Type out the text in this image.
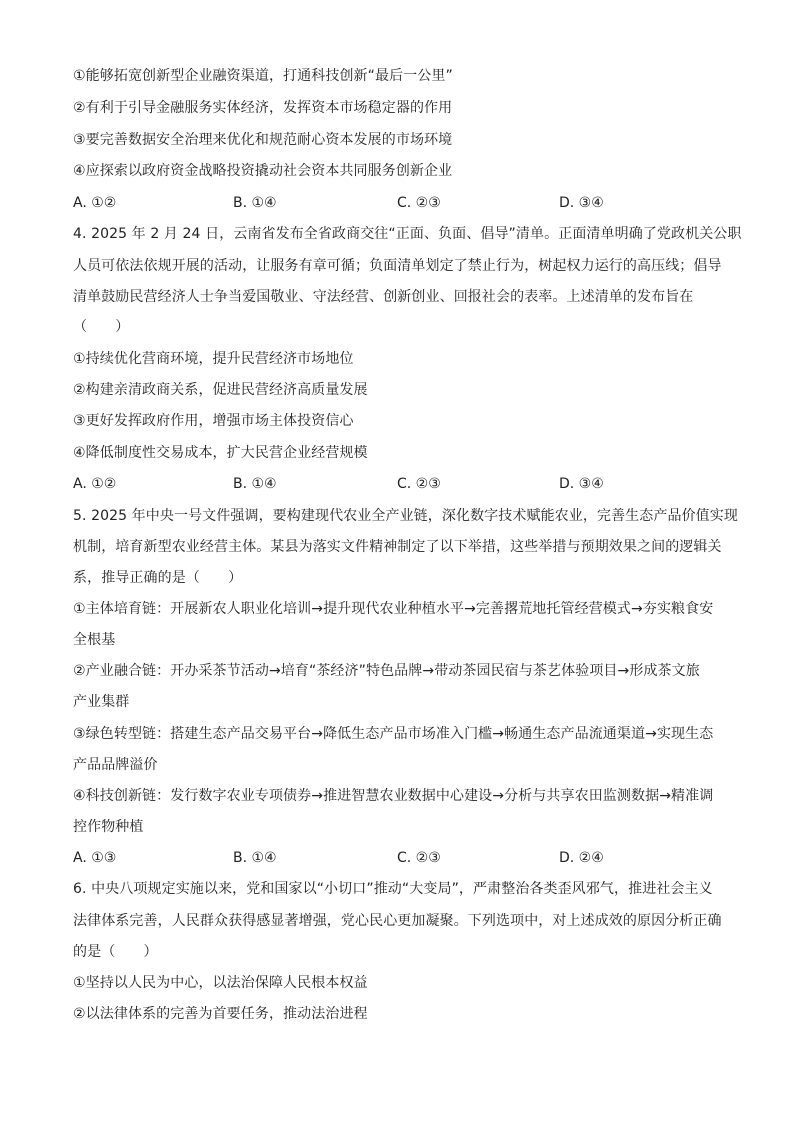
①能够拓宽创新型企业融资渠道，打通科技创新“最后一公里”
②有利于引导金融服务实体经济，发挥资本市场稳定器的作用
③要完善数据安全治理来优化和规范耐心资本发展的市场环境
④应探索以政府资金战略投资撬动社会资本共同服务创新企业
A. ①②	B. ①④	C. ②③	D. ③④
4. 2025 年 2 月 24 日，云南省发布全省政商交往“正面、负面、倡导”清单。正面清单明确了党政机关公职
人员可依法依规开展的活动，让服务有章可循；负面清单划定了禁止行为，树起权力运行的高压线；倡导
清单鼓励民营经济人士争当爱国敬业、守法经营、创新创业、回报社会的表率。上述清单的发布旨在
（　　）
①持续优化营商环境，提升民营经济市场地位
②构建亲清政商关系，促进民营经济高质量发展
③更好发挥政府作用，增强市场主体投资信心
④降低制度性交易成本，扩大民营企业经营规模
A. ①②	B. ①④	C. ②③	D. ③④
5. 2025 年中央一号文件强调，要构建现代农业全产业链，深化数字技术赋能农业，完善生态产品价值实现
机制，培育新型农业经营主体。某县为落实文件精神制定了以下举措，这些举措与预期效果之间的逻辑关
系，推导正确的是（　　）
①主体培育链：开展新农人职业化培训→提升现代农业种植水平→完善撂荒地托管经营模式→夯实粮食安
全根基
②产业融合链：开办采茶节活动→培育“茶经济”特色品牌→带动茶园民宿与茶艺体验项目→形成茶文旅
产业集群
③绿色转型链：搭建生态产品交易平台→降低生态产品市场准入门槛→畅通生态产品流通渠道→实现生态
产品品牌溢价
④科技创新链：发行数字农业专项债券→推进智慧农业数据中心建设→分析与共享农田监测数据→精准调
控作物种植
A. ①③	B. ①④	C. ②③	D. ②④
6. 中央八项规定实施以来，党和国家以“小切口”推动“大变局”，严肃整治各类歪风邪气，推进社会主义
法律体系完善，人民群众获得感显著增强，党心民心更加凝聚。下列选项中，对上述成效的原因分析正确
的是（　　）
①坚持以人民为中心，以法治保障人民根本权益
②以法律体系的完善为首要任务，推动法治进程
